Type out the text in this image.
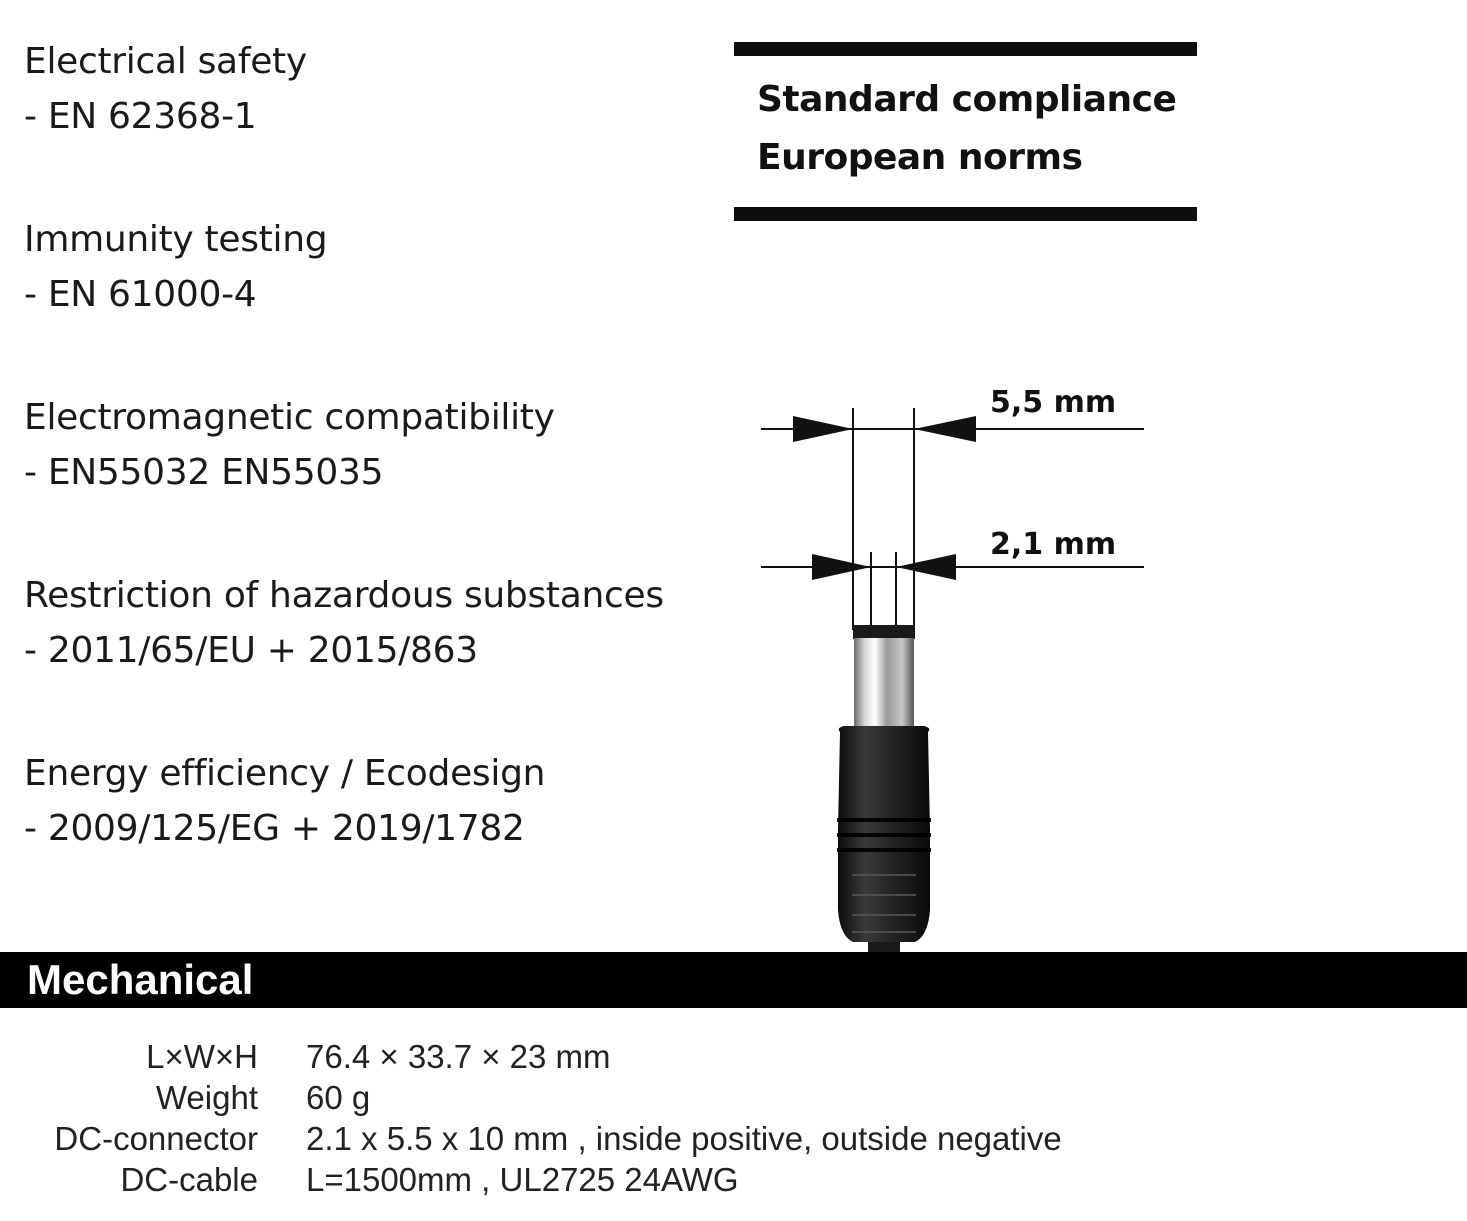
Electrical safety
- EN 62368-1
Immunity testing
- EN 61000-4
Electromagnetic compatibility
- EN55032 EN55035
Restriction of hazardous substances
- 2011/65/EU + 2015/863
Energy efficiency / Ecodesign
- 2009/125/EG + 2019/1782
Standard compliance
European norms
5,5 mm
2,1 mm
Mechanical
L×W×H 76.4 × 33.7 × 23 mm
Weight 60 g
DC-connector 2.1 x 5.5 x 10 mm , inside positive, outside negative
DC-cable L=1500mm , UL2725 24AWG
